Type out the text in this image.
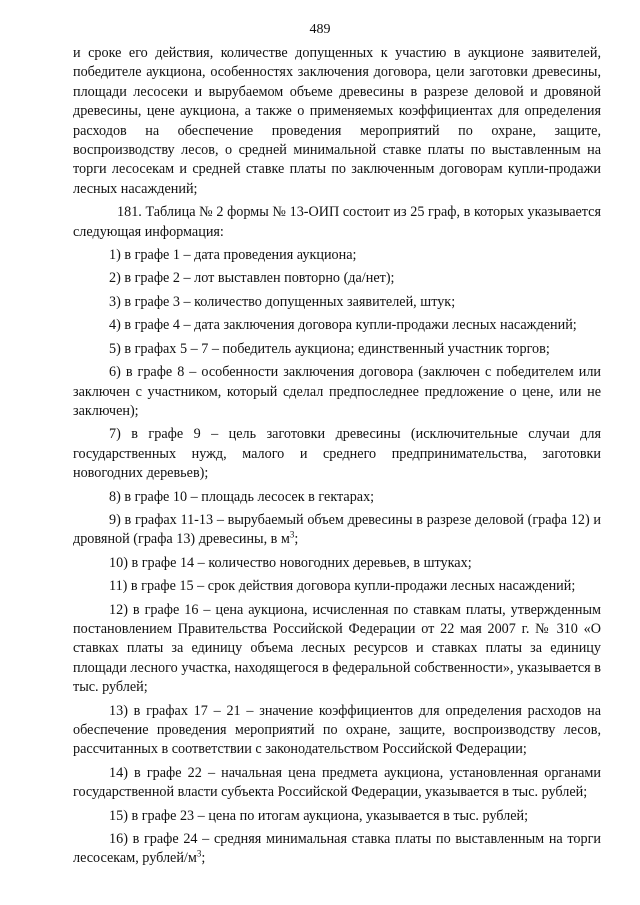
489

и сроке его действия, количестве допущенных к участию в аукционе заявителей, победителе аукциона, особенностях заключения договора, цели заготовки древесины, площади лесосеки и вырубаемом объеме древесины в разрезе деловой и дровяной древесины, цене аукциона, а также о применяемых коэффициентах для определения расходов на обеспечение проведения мероприятий по охране, защите, воспроизводству лесов, о средней минимальной ставке платы по выставленным на торги лесосекам и средней ставке платы по заключенным договорам купли-продажи лесных насаждений;

181. Таблица № 2 формы № 13-ОИП состоит из 25 граф, в которых указывается следующая информация:

1) в графе 1 – дата проведения аукциона;

2) в графе 2 – лот выставлен повторно (да/нет);

3) в графе 3 – количество допущенных заявителей, штук;

4) в графе 4 – дата заключения договора купли-продажи лесных насаждений;

5) в графах 5 – 7 – победитель аукциона; единственный участник торгов;

6) в графе 8 – особенности заключения договора (заключен с победителем или заключен с участником, который сделал предпоследнее предложение о цене, или не заключен);

7) в графе 9 – цель заготовки древесины (исключительные случаи для государственных нужд, малого и среднего предпринимательства, заготовки новогодних деревьев);

8) в графе 10 – площадь лесосек в гектарах;

9) в графах 11-13 – вырубаемый объем древесины в разрезе деловой (графа 12) и дровяной (графа 13) древесины, в $м^3$;

10) в графе 14 – количество новогодних деревьев, в штуках;

11) в графе 15 – срок действия договора купли-продажи лесных насаждений;

12) в графе 16 – цена аукциона, исчисленная по ставкам платы, утвержденным постановлением Правительства Российской Федерации от 22 мая 2007 г. № 310 «О ставках платы за единицу объема лесных ресурсов и ставках платы за единицу площади лесного участка, находящегося в федеральной собственности», указывается в тыс. рублей;

13) в графах 17 – 21 – значение коэффициентов для определения расходов на обеспечение проведения мероприятий по охране, защите, воспроизводству лесов, рассчитанных в соответствии с законодательством Российской Федерации;

14) в графе 22 – начальная цена предмета аукциона, установленная органами государственной власти субъекта Российской Федерации, указывается в тыс. рублей;

15) в графе 23 – цена по итогам аукциона, указывается в тыс. рублей;

16) в графе 24 – средняя минимальная ставка платы по выставленным на торги лесосекам, рублей/$м^3$;
